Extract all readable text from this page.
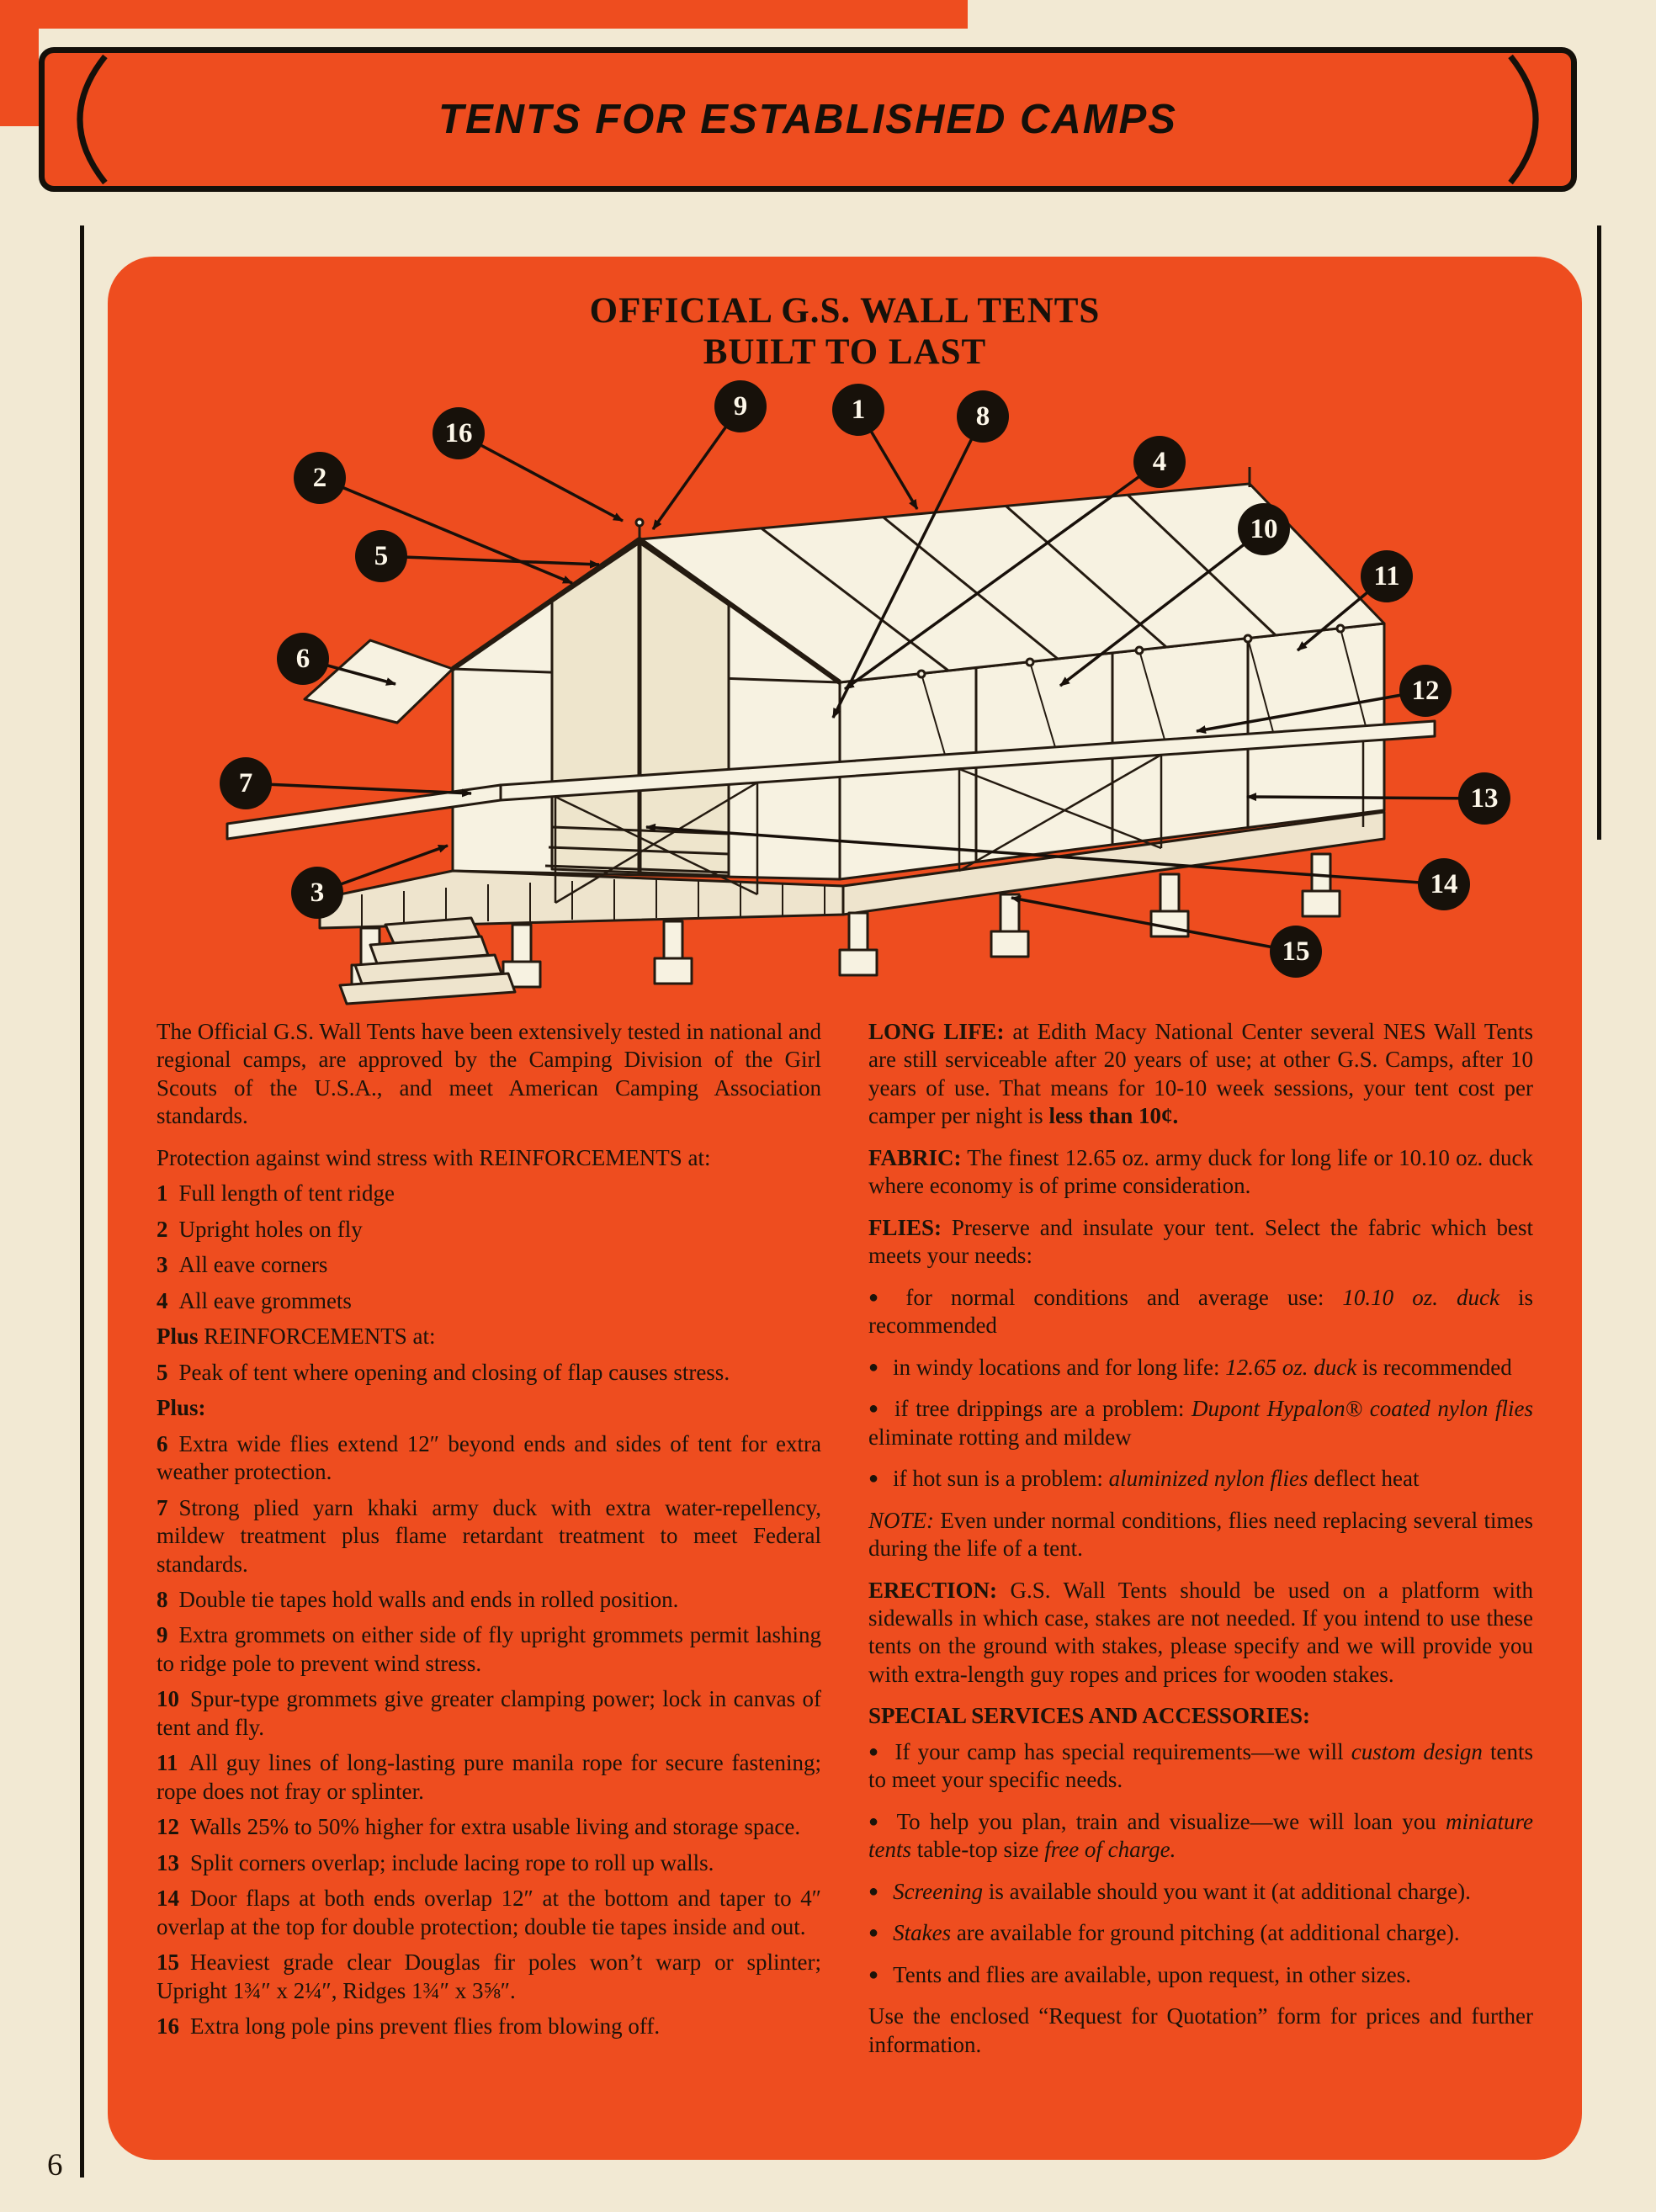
TENTS FOR ESTABLISHED CAMPS
OFFICIAL G.S. WALL TENTS
BUILT TO LAST
1
2
3
4
5
6
7
8
9
10
11
12
13
14
15
16

The Official G.S. Wall Tents have been extensively tested in national and regional camps, are approved by the Camping Division of the Girl Scouts of the U.S.A., and meet American Camping Association standards.

Protection against wind stress with REINFORCEMENTS at:

1 Full length of tent ridge

2 Upright holes on fly

3 All eave corners

4 All eave grommets

Plus REINFORCEMENTS at:

5 Peak of tent where opening and closing of flap causes stress.

Plus:

6 Extra wide flies extend 12″ beyond ends and sides of tent for extra weather protection.

7 Strong plied yarn khaki army duck with extra water-repellency, mildew treatment plus flame retardant treatment to meet Federal standards.

8 Double tie tapes hold walls and ends in rolled position.

9 Extra grommets on either side of fly upright grommets permit lashing to ridge pole to prevent wind stress.

10 Spur-type grommets give greater clamping power; lock in canvas of tent and fly.

11 All guy lines of long-lasting pure manila rope for secure fastening; rope does not fray or splinter.

12 Walls 25% to 50% higher for extra usable living and storage space.

13 Split corners overlap; include lacing rope to roll up walls.

14 Door flaps at both ends overlap 12″ at the bottom and taper to 4″ overlap at the top for double protection; double tie tapes inside and out.

15 Heaviest grade clear Douglas fir poles won’t warp or splinter; Upright 1¾″ x 2¼″, Ridges 1¾″ x 3⅝″.

16 Extra long pole pins prevent flies from blowing off.

LONG LIFE: at Edith Macy National Center several NES Wall Tents are still serviceable after 20 years of use; at other G.S. Camps, after 10 years of use. That means for 10-10 week sessions, your tent cost per camper per night is less than 10¢.

FABRIC: The finest 12.65 oz. army duck for long life or 10.10 oz. duck where economy is of prime consideration.

FLIES: Preserve and insulate your tent. Select the fabric which best meets your needs:

● for normal conditions and average use: 10.10 oz. duck is recommended

● in windy locations and for long life: 12.65 oz. duck is recommended

● if tree drippings are a problem: Dupont Hypalon® coated nylon flies eliminate rotting and mildew

● if hot sun is a problem: aluminized nylon flies deflect heat

NOTE: Even under normal conditions, flies need replacing several times during the life of a tent.

ERECTION: G.S. Wall Tents should be used on a platform with sidewalls in which case, stakes are not needed. If you intend to use these tents on the ground with stakes, please specify and we will provide you with extra-length guy ropes and prices for wooden stakes.

SPECIAL SERVICES AND ACCESSORIES:

● If your camp has special requirements—we will custom design tents to meet your specific needs.

● To help you plan, train and visualize—we will loan you miniature tents table-top size free of charge.

● Screening is available should you want it (at additional charge).

● Stakes are available for ground pitching (at additional charge).

● Tents and flies are available, upon request, in other sizes.

Use the enclosed “Request for Quotation” form for prices and further information.

6
